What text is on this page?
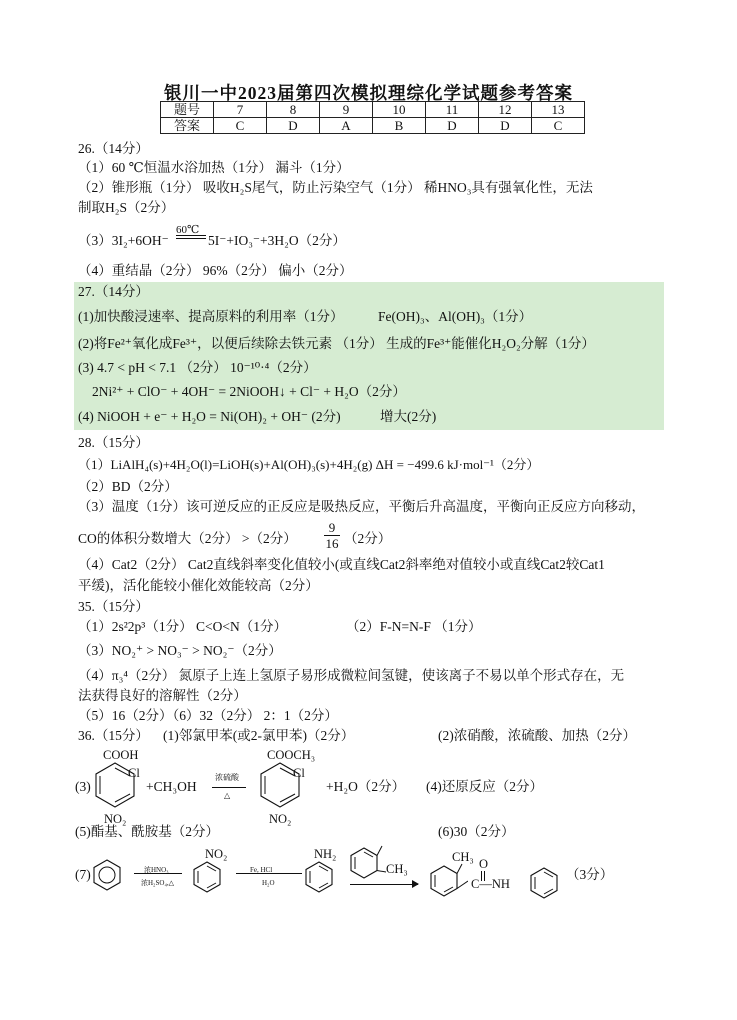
银川一中2023届第四次模拟理综化学试题参考答案
题号	7	8	9	10	11	12	13
答案	C	D	A	B	D	D	C
26.（14分）
（1）60 ℃恒温水浴加热（1分） 漏斗（1分）
（2）锥形瓶（1分） 吸收H₂S尾气，防止污染空气（1分） 稀HNO₃具有强氧化性，无法
制取H₂S（2分）
（3）3I₂+6OH⁻
60℃
5I⁻+IO₃⁻+3H₂O（2分）
（4）重结晶（2分） 96%（2分） 偏小（2分）
27.（14分）
(1)加快酸浸速率、提高原料的利用率（1分）	Fe(OH)₃、Al(OH)₃（1分）
(2)将Fe²⁺氧化成Fe³⁺，以便后续除去铁元素 （1分） 生成的Fe³⁺能催化H₂O₂分解（1分）
(3) 4.7 < pH < 7.1 （2分） 10⁻¹⁰·⁴（2分）
2Ni²⁺ + ClO⁻ + 4OH⁻ = 2NiOOH↓ + Cl⁻ + H₂O（2分）
(4) NiOOH + e⁻ + H₂O = Ni(OH)₂ + OH⁻ (2分)	增大(2分)
28.（15分）
（1）LiAlH₄(s)+4H₂O(l)=LiOH(s)+Al(OH)₃(s)+4H₂(g) ΔH = −499.6 kJ·mol⁻¹（2分）
（2）BD（2分）
（3）温度（1分）该可逆反应的正反应是吸热反应，平衡后升高温度，平衡向正反应方向移动，
CO的体积分数增大（2分） >（2分） $\frac{9}{16} (2$分）
（4）Cat2（2分） Cat2直线斜率变化值较小(或直线Cat2斜率绝对值较小或直线Cat2较Cat1
平缓)，活化能较小催化效能较高（2分）
35.（15分）
（1）2s²2p³（1分） C<O<N（1分）	（2）F-N=N-F （1分）
（3）NO₂⁺ > NO₃⁻ > NO₂⁻（2分）
（4）π₃⁴（2分） 氮原子上连上氢原子易形成微粒间氢键，使该离子不易以单个形式存在，无
法获得良好的溶解性（2分）
（5）16（2分）（6）32（2分） 2：1（2分）
36.（15分） (1)邻氯甲苯(或2-氯甲苯)（2分）	(2)浓硝酸，浓硫酸、加热（2分）
(3)
COOH
Cl
NO₂
+CH₃OH
浓硫酸
△
COOCH₃
Cl
NO₂
+H₂O（2分） (4)还原反应（2分）
(5)酯基、酰胺基（2分）	(6)30（2分）
(7)	浓HNO₃
浓H₂SO₄,△
NO₂
Fe, HCl
H₂O
NH₂
CH₃
CH₃ O
C—NH
（3分）
